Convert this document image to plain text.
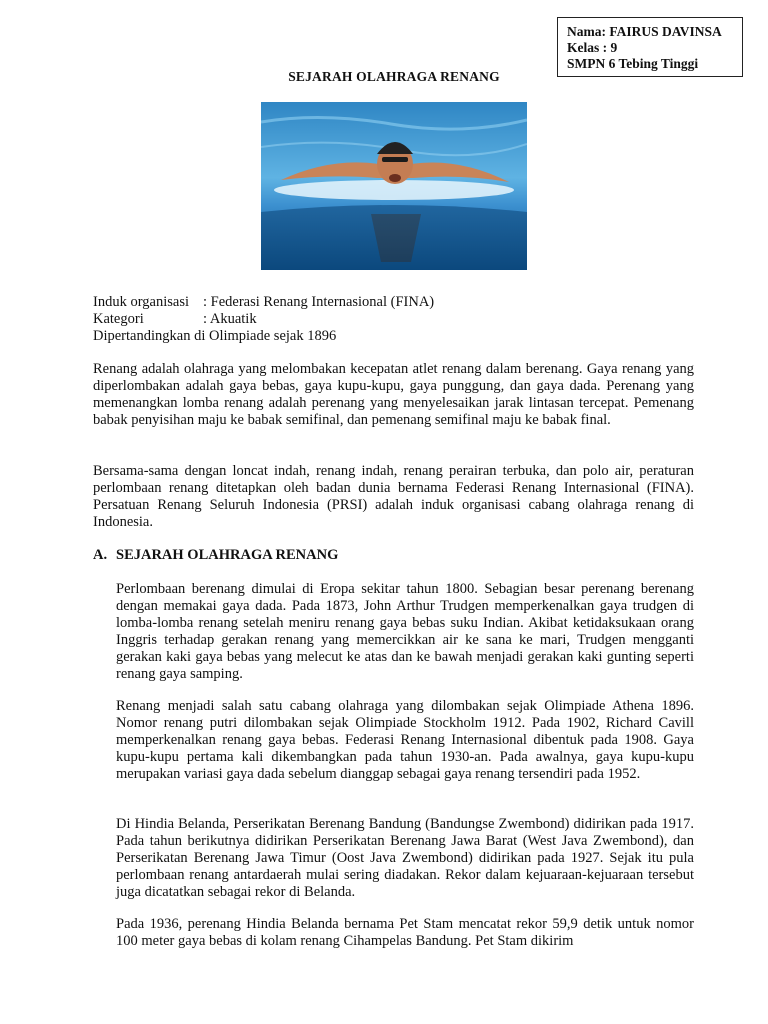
Nama: FAIRUS DAVINSA
Kelas : 9
SMPN 6 Tebing Tinggi
SEJARAH OLAHRAGA RENANG
Induk organisasi : Federasi Renang Internasional (FINA)
Kategori	: Akuatik
Dipertandingkan di Olimpiade sejak 1896

Renang adalah olahraga yang melombakan kecepatan atlet renang dalam berenang. Gaya renang yang diperlombakan adalah gaya bebas, gaya kupu-kupu, gaya punggung, dan gaya dada. Perenang yang memenangkan lomba renang adalah perenang yang menyelesaikan jarak lintasan tercepat. Pemenang babak penyisihan maju ke babak semifinal, dan pemenang semifinal maju ke babak final.

Bersama-sama dengan loncat indah, renang indah, renang perairan terbuka, dan polo air, peraturan perlombaan renang ditetapkan oleh badan dunia bernama Federasi Renang Internasional (FINA). Persatuan Renang Seluruh Indonesia (PRSI) adalah induk organisasi cabang olahraga renang di Indonesia.

A. SEJARAH OLAHRAGA RENANG

Perlombaan berenang dimulai di Eropa sekitar tahun 1800. Sebagian besar perenang berenang dengan memakai gaya dada. Pada 1873, John Arthur Trudgen memperkenalkan gaya trudgen di lomba-lomba renang setelah meniru renang gaya bebas suku Indian. Akibat ketidaksukaan orang Inggris terhadap gerakan renang yang memercikkan air ke sana ke mari, Trudgen mengganti gerakan kaki gaya bebas yang melecut ke atas dan ke bawah menjadi gerakan kaki gunting seperti renang gaya samping.

Renang menjadi salah satu cabang olahraga yang dilombakan sejak Olimpiade Athena 1896. Nomor renang putri dilombakan sejak Olimpiade Stockholm 1912. Pada 1902, Richard Cavill memperkenalkan renang gaya bebas. Federasi Renang Internasional dibentuk pada 1908. Gaya kupu-kupu pertama kali dikembangkan pada tahun 1930-an. Pada awalnya, gaya kupu-kupu merupakan variasi gaya dada sebelum dianggap sebagai gaya renang tersendiri pada 1952.

Di Hindia Belanda, Perserikatan Berenang Bandung (Bandungse Zwembond) didirikan pada 1917. Pada tahun berikutnya didirikan Perserikatan Berenang Jawa Barat (West Java Zwembond), dan Perserikatan Berenang Jawa Timur (Oost Java Zwembond) didirikan pada 1927. Sejak itu pula perlombaan renang antardaerah mulai sering diadakan. Rekor dalam kejuaraan-kejuaraan tersebut juga dicatatkan sebagai rekor di Belanda.

Pada 1936, perenang Hindia Belanda bernama Pet Stam mencatat rekor 59,9 detik untuk nomor 100 meter gaya bebas di kolam renang Cihampelas Bandung. Pet Stam dikirim
